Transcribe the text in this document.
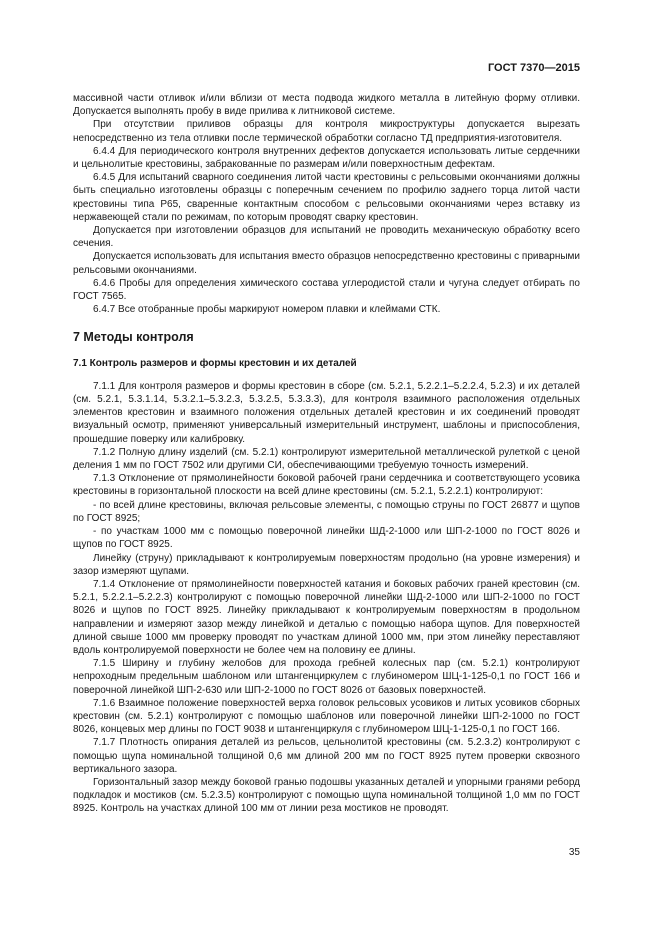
ГОСТ 7370—2015

массивной части отливок и/или вблизи от места подвода жидкого металла в литейную форму отливки. Допускается выполнять пробу в виде прилива к литниковой системе.

При отсутствии приливов образцы для контроля микроструктуры допускается вырезать непосредственно из тела отливки после термической обработки согласно ТД предприятия-изготовителя.

6.4.4 Для периодического контроля внутренних дефектов допускается использовать литые сердечники и цельнолитые крестовины, забракованные по размерам и/или поверхностным дефектам.

6.4.5 Для испытаний сварного соединения литой части крестовины с рельсовыми окончаниями должны быть специально изготовлены образцы с поперечным сечением по профилю заднего торца литой части крестовины типа Р65, сваренные контактным способом с рельсовыми окончаниями через вставку из нержавеющей стали по режимам, по которым проводят сварку крестовин.

Допускается при изготовлении образцов для испытаний не проводить механическую обработку всего сечения.

Допускается использовать для испытания вместо образцов непосредственно крестовины с приварными рельсовыми окончаниями.

6.4.6 Пробы для определения химического состава углеродистой стали и чугуна следует отбирать по ГОСТ 7565.

6.4.7 Все отобранные пробы маркируют номером плавки и клеймами СТК.

7 Методы контроля
7.1 Контроль размеров и формы крестовин и их деталей

7.1.1 Для контроля размеров и формы крестовин в сборе (см. 5.2.1, 5.2.2.1–5.2.2.4, 5.2.3) и их деталей (см. 5.2.1, 5.3.1.14, 5.3.2.1–5.3.2.3, 5.3.2.5, 5.3.3.3), для контроля взаимного расположения отдельных элементов крестовин и взаимного положения отдельных деталей крестовин и их соединений проводят визуальный осмотр, применяют универсальный измерительный инструмент, шаблоны и приспособления, прошедшие поверку или калибровку.

7.1.2 Полную длину изделий (см. 5.2.1) контролируют измерительной металлической рулеткой с ценой деления 1 мм по ГОСТ 7502 или другими СИ, обеспечивающими требуемую точность измерений.

7.1.3 Отклонение от прямолинейности боковой рабочей грани сердечника и соответствующего усовика крестовины в горизонтальной плоскости на всей длине крестовины (см. 5.2.1, 5.2.2.1) контролируют:

- по всей длине крестовины, включая рельсовые элементы, с помощью струны по ГОСТ 26877 и щупов по ГОСТ 8925;

- по участкам 1000 мм с помощью поверочной линейки ШД-2-1000 или ШП-2-1000 по ГОСТ 8026 и щупов по ГОСТ 8925.

Линейку (струну) прикладывают к контролируемым поверхностям продольно (на уровне измерения) и зазор измеряют щупами.

7.1.4 Отклонение от прямолинейности поверхностей катания и боковых рабочих граней крестовин (см. 5.2.1, 5.2.2.1–5.2.2.3) контролируют с помощью поверочной линейки ШД-2-1000 или ШП-2-1000 по ГОСТ 8026 и щупов по ГОСТ 8925. Линейку прикладывают к контролируемым поверхностям в продольном направлении и измеряют зазор между линейкой и деталью с помощью набора щупов. Для поверхностей длиной свыше 1000 мм проверку проводят по участкам длиной 1000 мм, при этом линейку переставляют вдоль контролируемой поверхности не более чем на половину ее длины.

7.1.5 Ширину и глубину желобов для прохода гребней колесных пар (см. 5.2.1) контролируют непроходным предельным шаблоном или штангенциркулем с глубиномером ШЦ-1-125-0,1 по ГОСТ 166 и поверочной линейкой ШП-2-630 или ШП-2-1000 по ГОСТ 8026 от базовых поверхностей.

7.1.6 Взаимное положение поверхностей верха головок рельсовых усовиков и литых усовиков сборных крестовин (см. 5.2.1) контролируют с помощью шаблонов или поверочной линейки ШП-2-1000 по ГОСТ 8026, концевых мер длины по ГОСТ 9038 и штангенциркуля с глубиномером ШЦ-1-125-0,1 по ГОСТ 166.

7.1.7 Плотность опирания деталей из рельсов, цельнолитой крестовины (см. 5.2.3.2) контролируют с помощью щупа номинальной толщиной 0,6 мм длиной 200 мм по ГОСТ 8925 путем проверки сквозного вертикального зазора.

Горизонтальный зазор между боковой гранью подошвы указанных деталей и упорными гранями реборд подкладок и мостиков (см. 5.2.3.5) контролируют с помощью щупа номинальной толщиной 1,0 мм по ГОСТ 8925. Контроль на участках длиной 100 мм от линии реза мостиков не проводят.

35
